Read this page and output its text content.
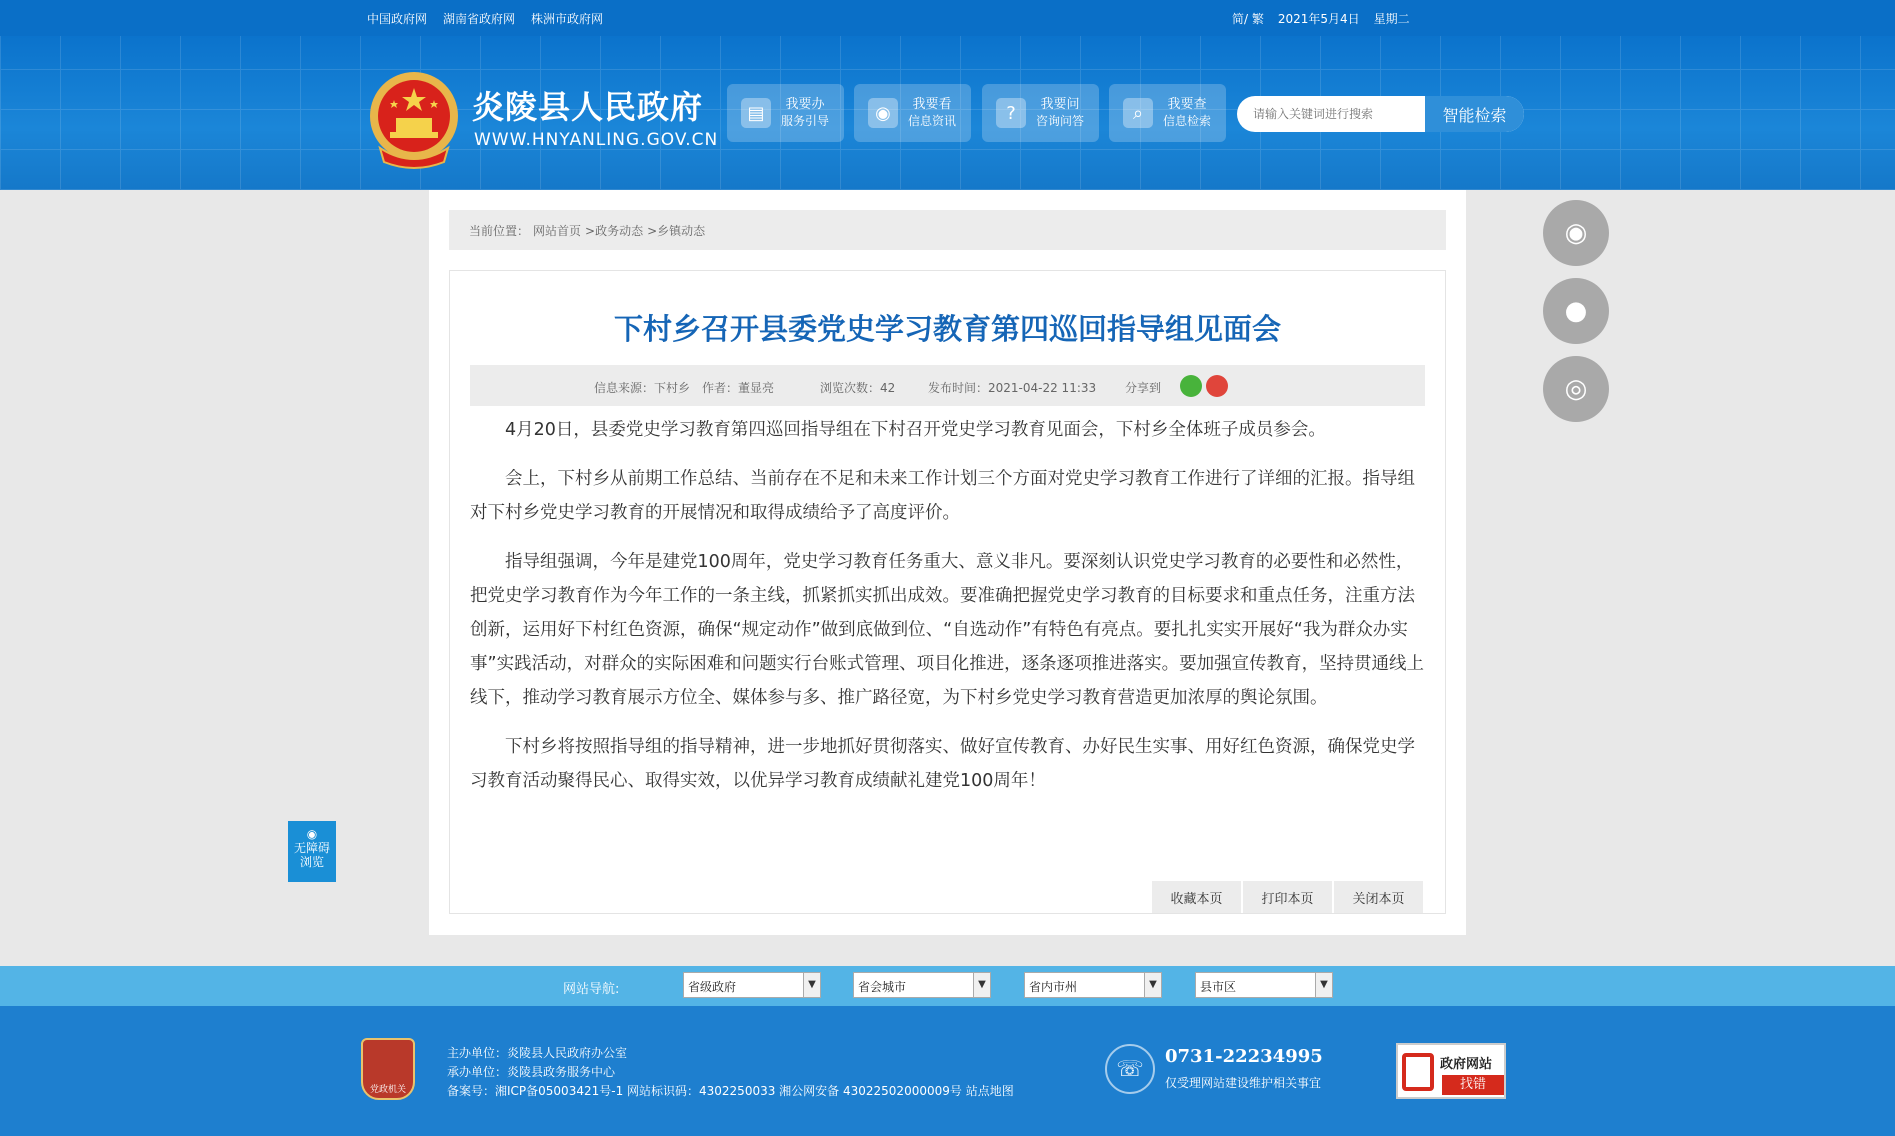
中国政府网 湖南省政府网 株洲市政府网	简/ 繁 2021年5月4日 星期二
炎陵县人民政府
WWW.HNYANLING.GOV.CN
▤	我要办
服务引导	◉	我要看
信息资讯	?	我要问
咨询问答	⌕	我要查
信息检索
请输入关键词进行搜索	智能检索
◉
●
◎
◉
无障碍
浏览
当前位置： 网站首页 >政务动态 >乡镇动态
下村乡召开县委党史学习教育第四巡回指导组见面会
信息来源：下村乡 作者：董显亮	浏览次数：42	发布时间：2021-04-22 11:33 分享到

4月20日，县委党史学习教育第四巡回指导组在下村召开党史学习教育见面会，下村乡全体班子成员参会。

会上，下村乡从前期工作总结、当前存在不足和未来工作计划三个方面对党史学习教育工作进行了详细的汇报。指导组对下村乡党史学习教育的开展情况和取得成绩给予了高度评价。

指导组强调，今年是建党100周年，党史学习教育任务重大、意义非凡。要深刻认识党史学习教育的必要性和必然性，把党史学习教育作为今年工作的一条主线，抓紧抓实抓出成效。要准确把握党史学习教育的目标要求和重点任务，注重方法创新，运用好下村红色资源，确保“规定动作”做到底做到位、“自选动作”有特色有亮点。要扎扎实实开展好“我为群众办实事”实践活动，对群众的实际困难和问题实行台账式管理、项目化推进，逐条逐项推进落实。要加强宣传教育，坚持贯通线上线下，推动学习教育展示方位全、媒体参与多、推广路径宽，为下村乡党史学习教育营造更加浓厚的舆论氛围。

下村乡将按照指导组的指导精神，进一步地抓好贯彻落实、做好宣传教育、办好民生实事、用好红色资源，确保党史学习教育活动聚得民心、取得实效，以优异学习教育成绩献礼建党100周年！

收藏本页	打印本页	关闭本页
网站导航:	省级政府	▼	省会城市	▼	省内市州	▼	县市区	▼
党政机关
主办单位：炎陵县人民政府办公室
承办单位：炎陵县政务服务中心
备案号：湘ICP备05003421号-1 网站标识码：4302250033 湘公网安备 43022502000009号 站点地图
☏	0731-22234995
仅受理网站建设维护相关事宜
政府网站
找错
